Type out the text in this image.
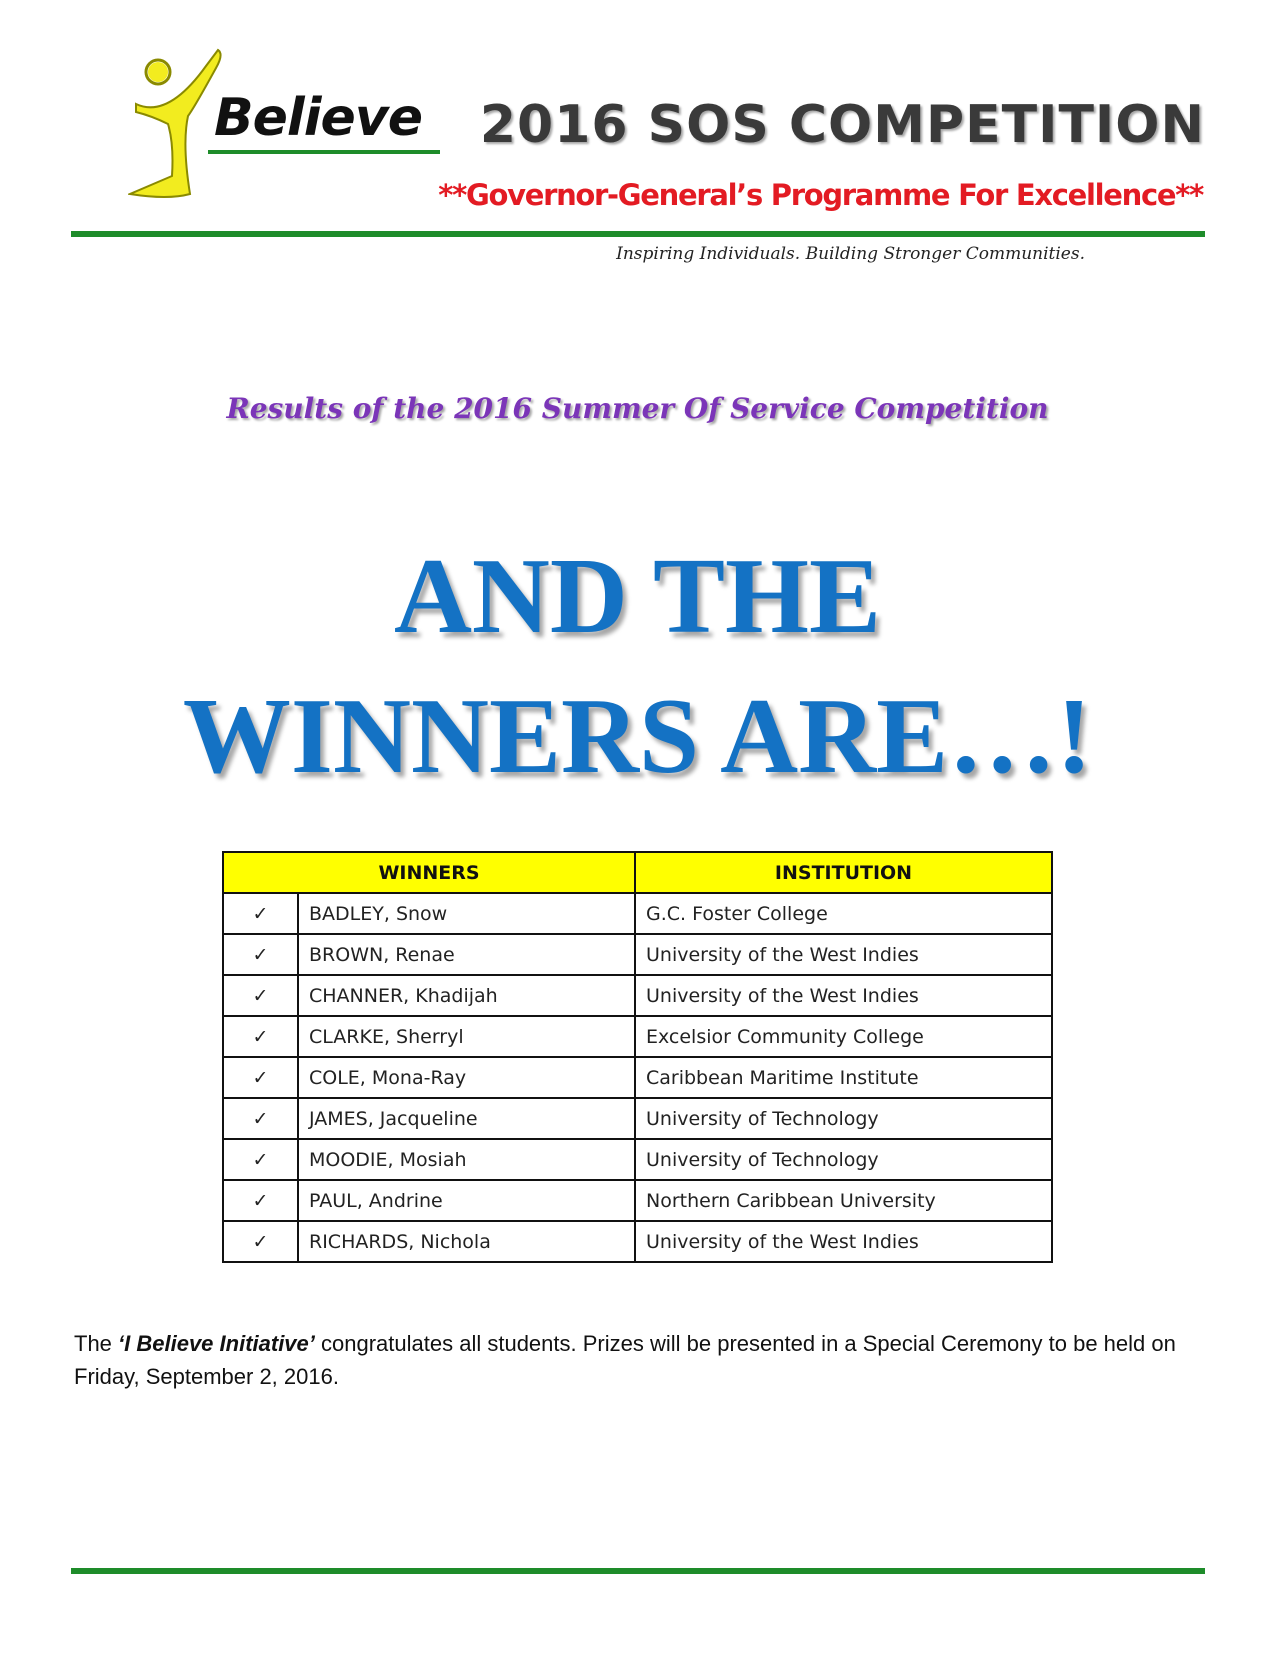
Believe 2016 SOS COMPETITION
**Governor-General’s Programme For Excellence**
Inspiring Individuals. Building Stronger Communities.
Results of the 2016 Summer Of Service Competition
AND THE
WINNERS ARE…!
WINNERS		INSTITUTION
✓	BADLEY, Snow	G.C. Foster College
✓	BROWN, Renae	University of the West Indies
✓	CHANNER, Khadijah	University of the West Indies
✓	CLARKE, Sherryl	Excelsior Community College
✓	COLE, Mona-Ray	Caribbean Maritime Institute
✓	JAMES, Jacqueline	University of Technology
✓	MOODIE, Mosiah	University of Technology
✓	PAUL, Andrine	Northern Caribbean University
✓	RICHARDS, Nichola	University of the West Indies
The ‘I Believe Initiative’ congratulates all students. Prizes will be presented in a Special Ceremony to be held on Friday, September 2, 2016.
